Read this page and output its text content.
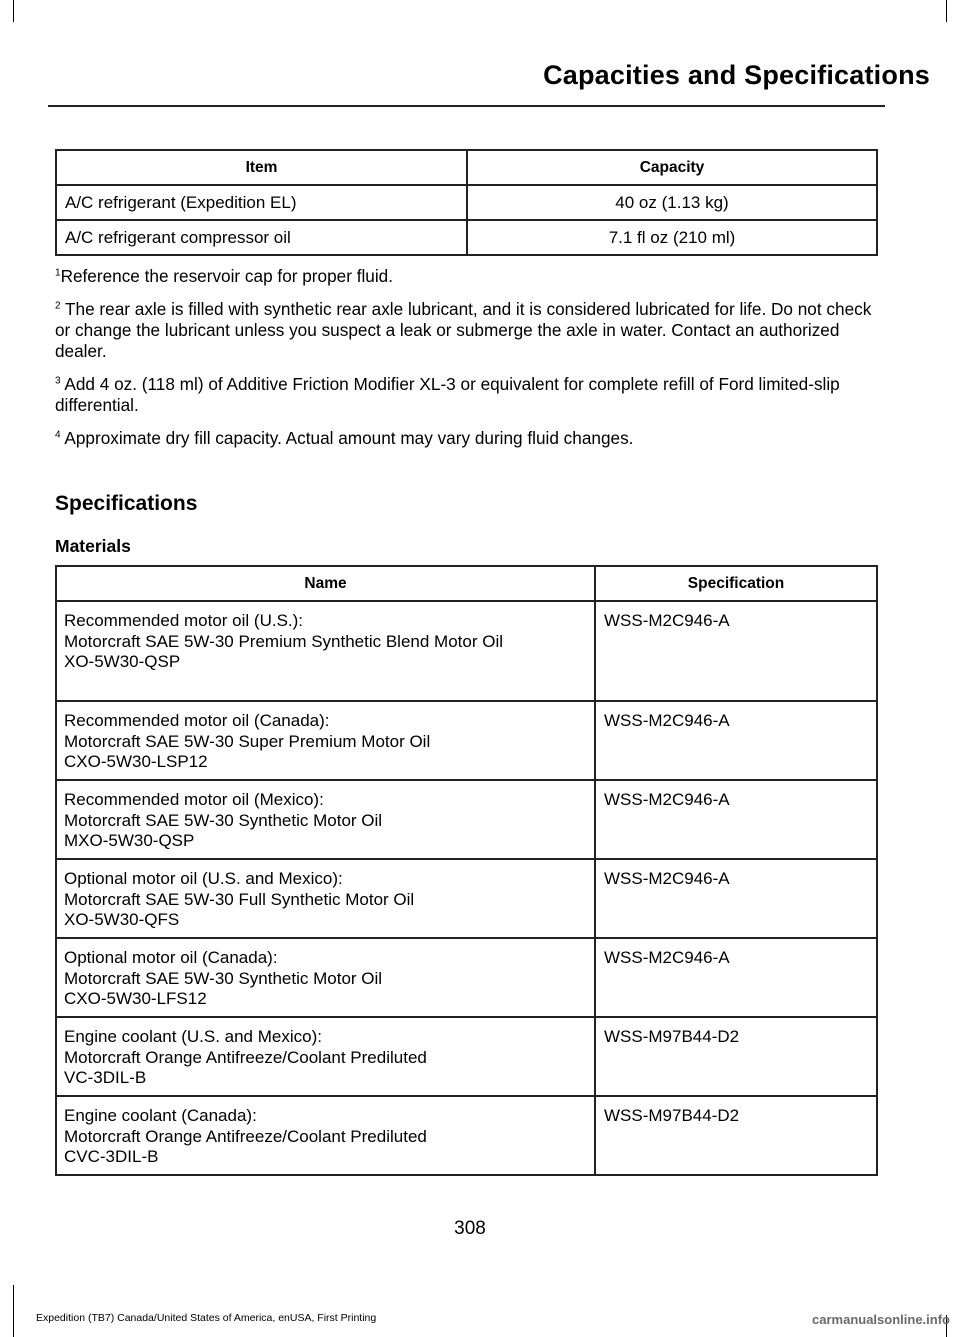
Capacities and Specifications
Item	Capacity
A/C refrigerant (Expedition EL)	40 oz (1.13 kg)
A/C refrigerant compressor oil	7.1 fl oz (210 ml)

$^1$Reference the reservoir cap for proper fluid.

$^2$ The rear axle is filled with synthetic rear axle lubricant, and it is considered lubricated for life. Do not check or change the lubricant unless you suspect a leak or submerge the axle in water. Contact an authorized dealer.

$^3$ Add 4 oz. (118 ml) of Additive Friction Modifier XL-3 or equivalent for complete refill of Ford limited-slip differential.

$^4$ Approximate dry fill capacity. Actual amount may vary during fluid changes.

Specifications
Materials
Name	Specification

Recommended motor oil (U.S.):
Motorcraft SAE 5W-30 Premium Synthetic Blend Motor Oil
XO-5W30-QSP	WSS-M2C946-A

Recommended motor oil (Canada):
Motorcraft SAE 5W-30 Super Premium Motor Oil
CXO-5W30-LSP12	WSS-M2C946-A

Recommended motor oil (Mexico):
Motorcraft SAE 5W-30 Synthetic Motor Oil
MXO-5W30-QSP	WSS-M2C946-A

Optional motor oil (U.S. and Mexico):
Motorcraft SAE 5W-30 Full Synthetic Motor Oil
XO-5W30-QFS	WSS-M2C946-A

Optional motor oil (Canada):
Motorcraft SAE 5W-30 Synthetic Motor Oil
CXO-5W30-LFS12	WSS-M2C946-A

Engine coolant (U.S. and Mexico):
Motorcraft Orange Antifreeze/Coolant Prediluted
VC-3DIL-B	WSS-M97B44-D2

Engine coolant (Canada):
Motorcraft Orange Antifreeze/Coolant Prediluted
CVC-3DIL-B	WSS-M97B44-D2
308
Expedition (TB7) Canada/United States of America, enUSA, First Printing	carmanualsonline.info
